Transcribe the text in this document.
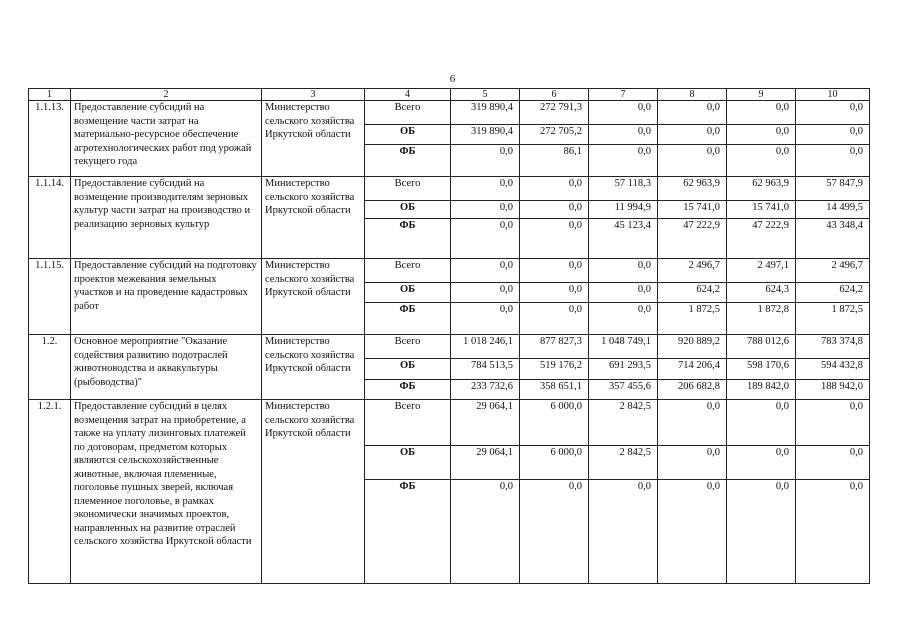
6
1	2	3	4	5	6	7	8	9	10
1.1.13.	Предоставление субсидий на возмещение части затрат на материально-ресурсное обеспечение агротехнологических работ под урожай текущего года	Министерство сельского хозяйства Иркутской области	Всего	319 890,4	272 791,3	0,0	0,0	0,0	0,0
			ОБ	319 890,4	272 705,2	0,0	0,0	0,0	0,0
			ФБ	0,0	86,1	0,0	0,0	0,0	0,0
1.1.14.	Предоставление субсидий на возмещение производителям зерновых культур части затрат на производство и реализацию зерновых культур	Министерство сельского хозяйства Иркутской области	Всего	0,0	0,0	57 118,3	62 963,9	62 963,9	57 847,9
			ОБ	0,0	0,0	11 994,9	15 741,0	15 741,0	14 499,5
			ФБ	0,0	0,0	45 123,4	47 222,9	47 222,9	43 348,4
1.1.15.	Предоставление субсидий на подготовку проектов межевания земельных участков и на проведение кадастровых работ	Министерство сельского хозяйства Иркутской области	Всего	0,0	0,0	0,0	2 496,7	2 497,1	2 496,7
			ОБ	0,0	0,0	0,0	624,2	624,3	624,2
			ФБ	0,0	0,0	0,0	1 872,5	1 872,8	1 872,5
1.2.	Основное мероприятие "Оказание содействия развитию подотраслей животноводства и аквакультуры (рыбоводства)"	Министерство сельского хозяйства Иркутской области	Всего	1 018 246,1	877 827,3	1 048 749,1	920 889,2	788 012,6	783 374,8
			ОБ	784 513,5	519 176,2	691 293,5	714 206,4	598 170,6	594 432,8
			ФБ	233 732,6	358 651,1	357 455,6	206 682,8	189 842,0	188 942,0
1.2.1.	Предоставление субсидий в целях возмещения затрат на приобретение, а также на уплату лизинговых платежей по договорам, предметом которых являются сельскохозяйственные животные, включая племенные, поголовье пушных зверей, включая племенное поголовье, в рамках экономически значимых проектов, направленных на развитие отраслей сельского хозяйства Иркутской области	Министерство сельского хозяйства Иркутской области	Всего	29 064,1	6 000,0	2 842,5	0,0	0,0	0,0
			ОБ	29 064,1	6 000,0	2 842,5	0,0	0,0	0,0
			ФБ	0,0	0,0	0,0	0,0	0,0	0,0
